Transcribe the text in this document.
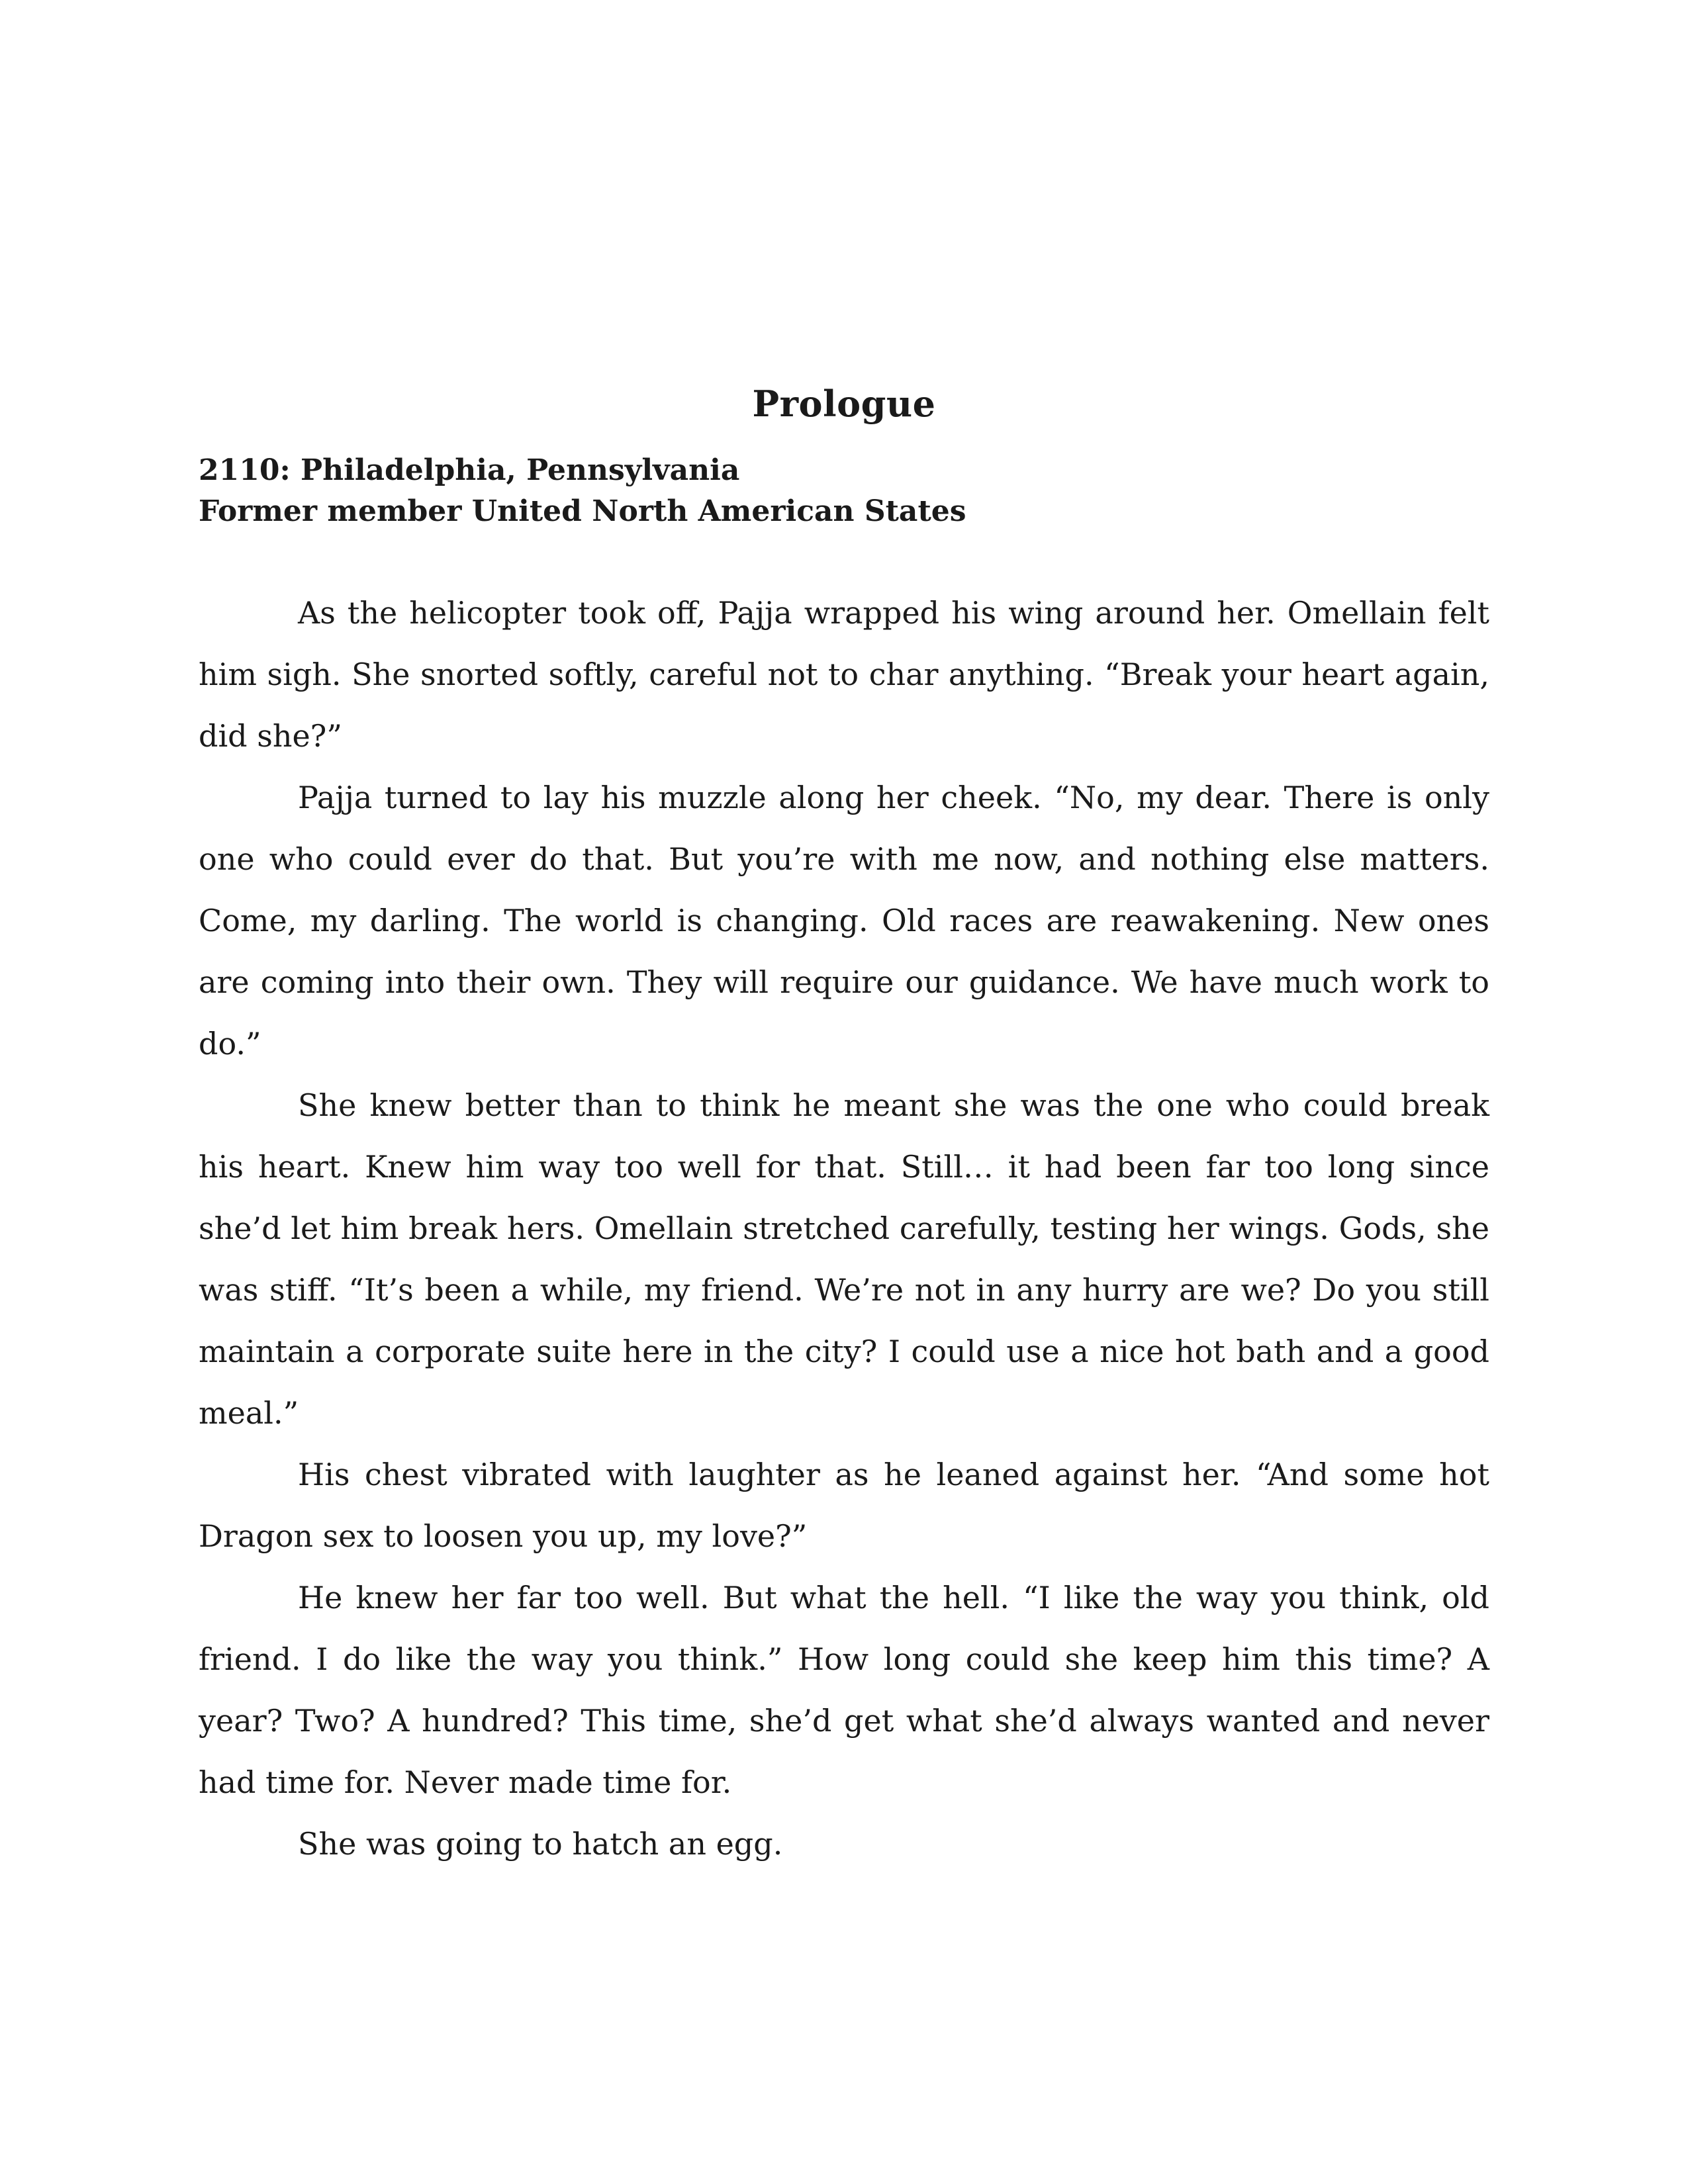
Prologue
2110: Philadelphia, Pennsylvania
Former member United North American States

As the helicopter took off, Pajja wrapped his wing around her. Omellain felt him sigh. She snorted softly, careful not to char anything. “Break your heart again, did she?”

Pajja turned to lay his muzzle along her cheek. “No, my dear. There is only one who could ever do that. But you’re with me now, and nothing else matters. Come, my darling. The world is changing. Old races are reawakening. New ones are coming into their own. They will require our guidance. We have much work to do.”

She knew better than to think he meant she was the one who could break his heart. Knew him way too well for that. Still… it had been far too long since she’d let him break hers. Omellain stretched carefully, testing her wings. Gods, she was stiff. “It’s been a while, my friend. We’re not in any hurry are we? Do you still maintain a corporate suite here in the city? I could use a nice hot bath and a good meal.”

His chest vibrated with laughter as he leaned against her. “And some hot Dragon sex to loosen you up, my love?”

He knew her far too well. But what the hell. “I like the way you think, old friend. I do like the way you think.” How long could she keep him this time? A year? Two? A hundred? This time, she’d get what she’d always wanted and never had time for. Never made time for.

She was going to hatch an egg.
